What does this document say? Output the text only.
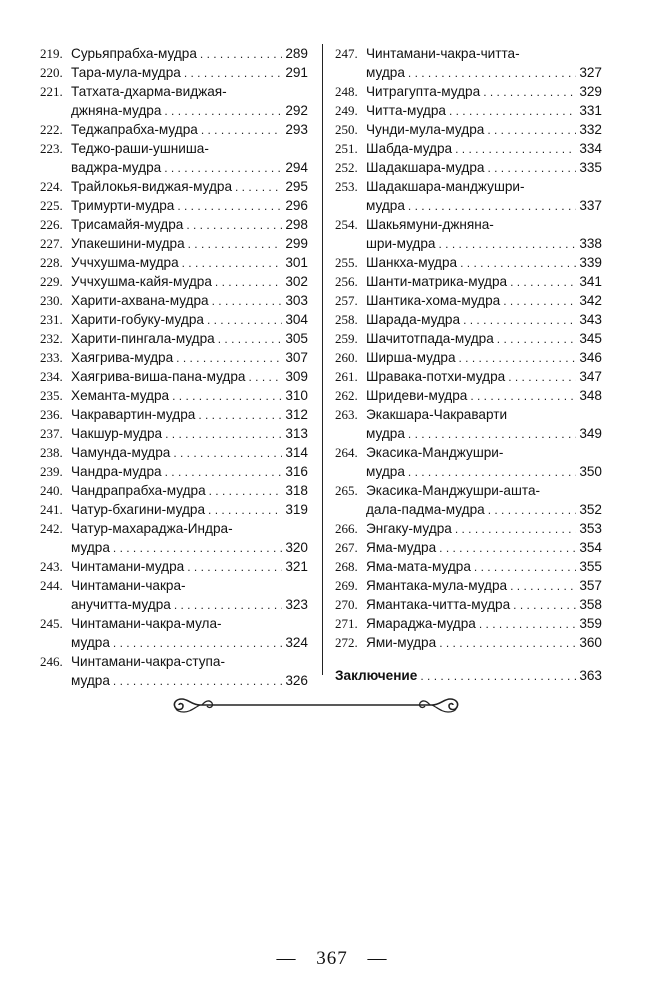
219. Сурьяпрабха-мудра . . .	289
220. Тара-мула-мудра . . .	291
221. Татхата-дхарма-виджая-
джняна-мудра . . .	292
222. Теджапрабха-мудра . . .	293
223. Теджо-раши-ушниша-
ваджра-мудра . . .	294
224. Трайлокья-виджая-мудра . . .	295
225. Тримурти-мудра . . .	296
226. Трисамайя-мудра . . .	298
227. Упакешини-мудра . . .	299
228. Уччхушма-мудра . . .	301
229. Уччхушма-кайя-мудра . . .	302
230. Харити-ахвана-мудра . . .	303
231. Харити-гобуку-мудра . . .	304
232. Харити-пингала-мудра . . .	305
233. Хаягрива-мудра . . .	307
234. Хаягрива-виша-пана-мудра . . .	309
235. Хеманта-мудра . . .	310
236. Чакравартин-мудра . . .	312
237. Чакшур-мудра . . .	313
238. Чамунда-мудра . . .	314
239. Чандра-мудра . . .	316
240. Чандрапрабха-мудра . . .	318
241. Чатур-бхагини-мудра . . .	319
242. Чатур-махараджа-Индра-
мудра . . .	320
243. Чинтамани-мудра . . .	321
244. Чинтамани-чакра-
анучитта-мудра . . .	323
245. Чинтамани-чакра-мула-
мудра . . .	324
246. Чинтамани-чакра-ступа-
мудра . . .	326
247. Чинтамани-чакра-читта-
мудра . . .	327
248. Читрагупта-мудра . . .	329
249. Читта-мудра . . .	331
250. Чунди-мула-мудра . . .	332
251. Шабда-мудра . . .	334
252. Шадакшара-мудра . . .	335
253. Шадакшара-манджушри-
мудра . . .	337
254. Шакьямуни-джняна-
шри-мудра . . .	338
255. Шанкха-мудра . . .	339
256. Шанти-матрика-мудра . . .	341
257. Шантика-хома-мудра . . .	342
258. Шарада-мудра . . .	343
259. Шачитотпада-мудра . . .	345
260. Ширша-мудра . . .	346
261. Шравака-потхи-мудра . . .	347
262. Шридеви-мудра . . .	348
263. Экакшара-Чакраварти
мудра . . .	349
264. Экасика-Манджушри-
мудра . . .	350
265. Экасика-Манджушри-ашта-
дала-падма-мудра . . .	352
266. Энгаку-мудра . . .	353
267. Яма-мудра . . .	354
268. Яма-мата-мудра . . .	355
269. Ямантака-мула-мудра . . .	357
270. Ямантака-читта-мудра . . .	358
271. Ямараджа-мудра . . .	359
272. Ями-мудра . . .	360
Заключение . . .	363
— 367 —
